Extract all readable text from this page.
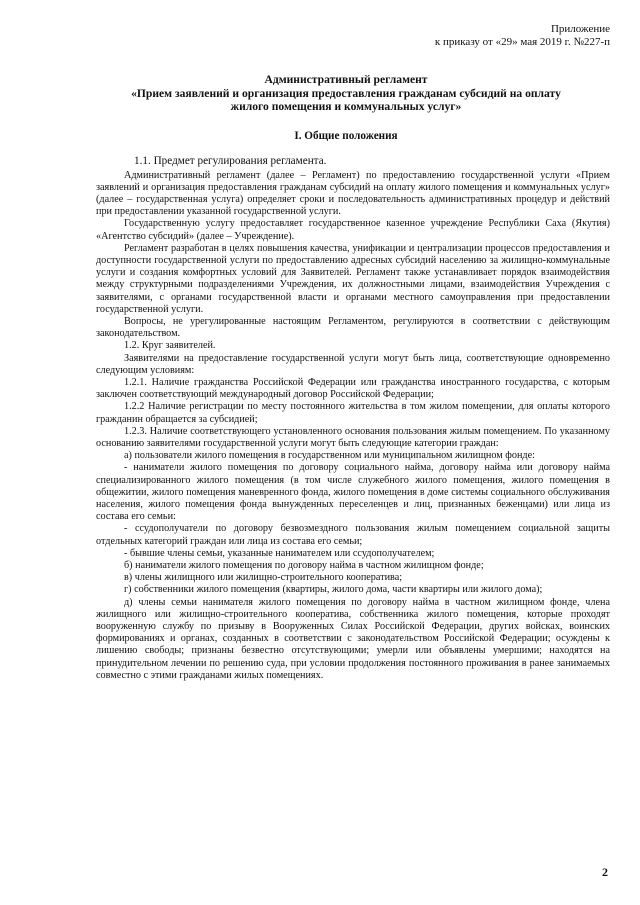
Приложение
к приказу от «29» мая 2019 г. №227-п
Административный регламент
«Прием заявлений и организация предоставления гражданам субсидий на оплату
жилого помещения и коммунальных услуг»
I. Общие положения

1.1. Предмет регулирования регламента.

Административный регламент (далее – Регламент) по предоставлению государственной услуги «Прием заявлений и организация предоставления гражданам субсидий на оплату жилого помещения и коммунальных услуг» (далее – государственная услуга) определяет сроки и последовательность административных процедур и действий при предоставлении указанной государственной услуги.

Государственную услугу предоставляет государственное казенное учреждение Республики Саха (Якутия) «Агентство субсидий» (далее – Учреждение).

Регламент разработан в целях повышения качества, унификации и централизации процессов предоставления и доступности государственной услуги по предоставлению адресных субсидий населению за жилищно-коммунальные услуги и создания комфортных условий для Заявителей. Регламент также устанавливает порядок взаимодействия между структурными подразделениями Учреждения, их должностными лицами, взаимодействия Учреждения с заявителями, с органами государственной власти и органами местного самоуправления при предоставлении государственной услуги.

Вопросы, не урегулированные настоящим Регламентом, регулируются в соответствии с действующим законодательством.

1.2. Круг заявителей.

Заявителями на предоставление государственной услуги могут быть лица, соответствующие одновременно следующим условиям:

1.2.1. Наличие гражданства Российской Федерации или гражданства иностранного государства, с которым заключен соответствующий международный договор Российской Федерации;

1.2.2 Наличие регистрации по месту постоянного жительства в том жилом помещении, для оплаты которого гражданин обращается за субсидией;

1.2.3. Наличие соответствующего установленного основания пользования жилым помещением. По указанному основанию заявителями государственной услуги могут быть следующие категории граждан:

а) пользователи жилого помещения в государственном или муниципальном жилищном фонде:

- наниматели жилого помещения по договору социального найма, договору найма или договору найма специализированного жилого помещения (в том числе служебного жилого помещения, жилого помещения в общежитии, жилого помещения маневренного фонда, жилого помещения в доме системы социального обслуживания населения, жилого помещения фонда вынужденных переселенцев и лиц, признанных беженцами) или лица из состава его семьи:

- ссудополучатели по договору безвозмездного пользования жилым помещением социальной защиты отдельных категорий граждан или лица из состава его семьи;

- бывшие члены семьи, указанные нанимателем или ссудополучателем;

б) наниматели жилого помещения по договору найма в частном жилищном фонде;

в) члены жилищного или жилищно-строительного кооператива;

г) собственники жилого помещения (квартиры, жилого дома, части квартиры или жилого дома);

д) члены семьи нанимателя жилого помещения по договору найма в частном жилищном фонде, члена жилищного или жилищно-строительного кооператива, собственника жилого помещения, которые проходят вооруженную службу по призыву в Вооруженных Силах Российской Федерации, других войсках, воинских формированиях и органах, созданных в соответствии с законодательством Российской Федерации; осуждены к лишению свободы; признаны безвестно отсутствующими; умерли или объявлены умершими; находятся на принудительном лечении по решению суда, при условии продолжения постоянного проживания в ранее занимаемых совместно с этими гражданами жилых помещениях.

2
